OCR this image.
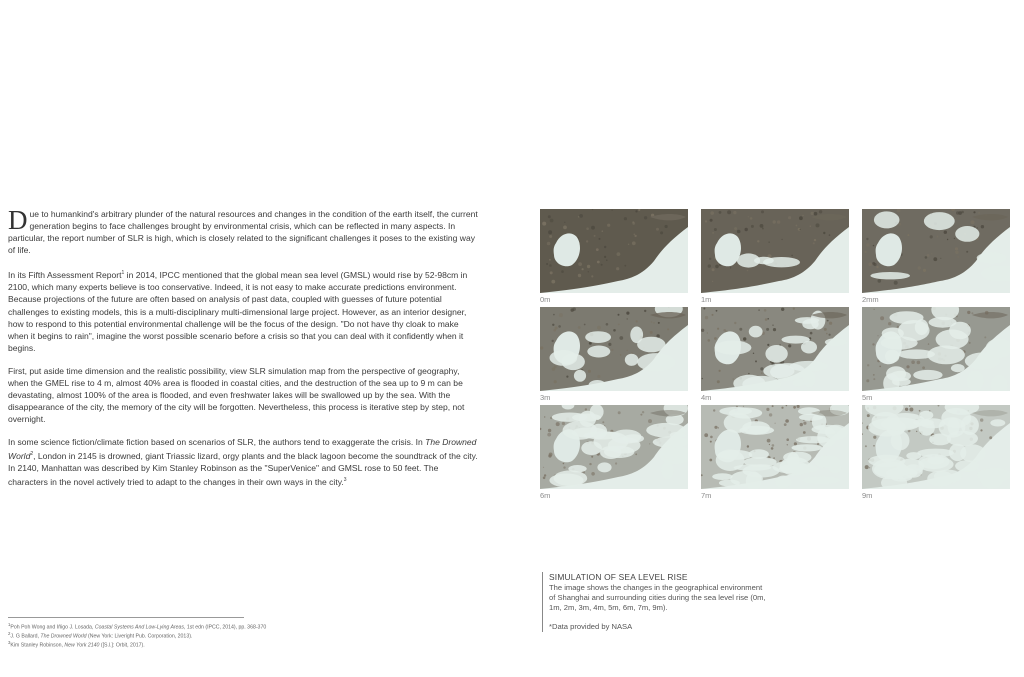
Due to humankind's arbitrary plunder of the natural resources and changes in the condition of the earth itself, the current generation begins to face challenges brought by environmental crisis, which can be reflected in many aspects. In particular, the report number of SLR is high, which is closely related to the significant challenges it poses to the existing way of life.

In its Fifth Assessment Report$^1$ in 2014, IPCC mentioned that the global mean sea level (GMSL) would rise by 52-98cm in 2100, which many experts believe is too conservative. Indeed, it is not easy to make accurate predictions environment. Because projections of the future are often based on analysis of past data, coupled with guesses of future potential challenges to existing models, this is a multi-disciplinary multi-dimensional large project. However, as an interior designer, how to respond to this potential environmental challenge will be the focus of the design. "Do not have thy cloak to make when it begins to rain", imagine the worst possible scenario before a crisis so that you can deal with it confidently when it begins.

First, put aside time dimension and the realistic possibility, view SLR simulation map from the perspective of geography, when the GMEL rise to 4 m, almost 40% area is flooded in coastal cities, and the destruction of the sea up to 9 m can be devastating, almost 100% of the area is flooded, and even freshwater lakes will be swallowed up by the sea. With the disappearance of the city, the memory of the city will be forgotten. Nevertheless, this process is iterative step by step, not overnight.

In some science fiction/climate fiction based on scenarios of SLR, the authors tend to exaggerate the crisis. In The Drowned World$^2$, London in 2145 is drowned, giant Triassic lizard, orgy plants and the black lagoon become the soundtrack of the city. In 2140, Manhattan was described by Kim Stanley Robinson as the "SuperVenice" and GMSL rose to 50 feet. The characters in the novel actively tried to adapt to the changes in their own ways in the city.$^3$

$^1$Poh Poh Wong and Iñigo J. Losada, Coastal Systems And Low-Lying Areas, 1st edn (IPCC, 2014), pp. 368-370
$^2$J. G Ballard, The Drowned World (New York: Liveright Pub. Corporation, 2013).
$^3$Kim Stanley Robinson, New York 2140 ([S.l.]: Orbit, 2017).
0m	1m	2mm
3m	4m	5m
6m	7m	9m
SIMULATION OF SEA LEVEL RISE
The image shows the changes in the geographical environment of Shanghai and surrounding cities during the sea level rise (0m, 1m, 2m, 3m, 4m, 5m, 6m, 7m, 9m).
*Data provided by NASA
